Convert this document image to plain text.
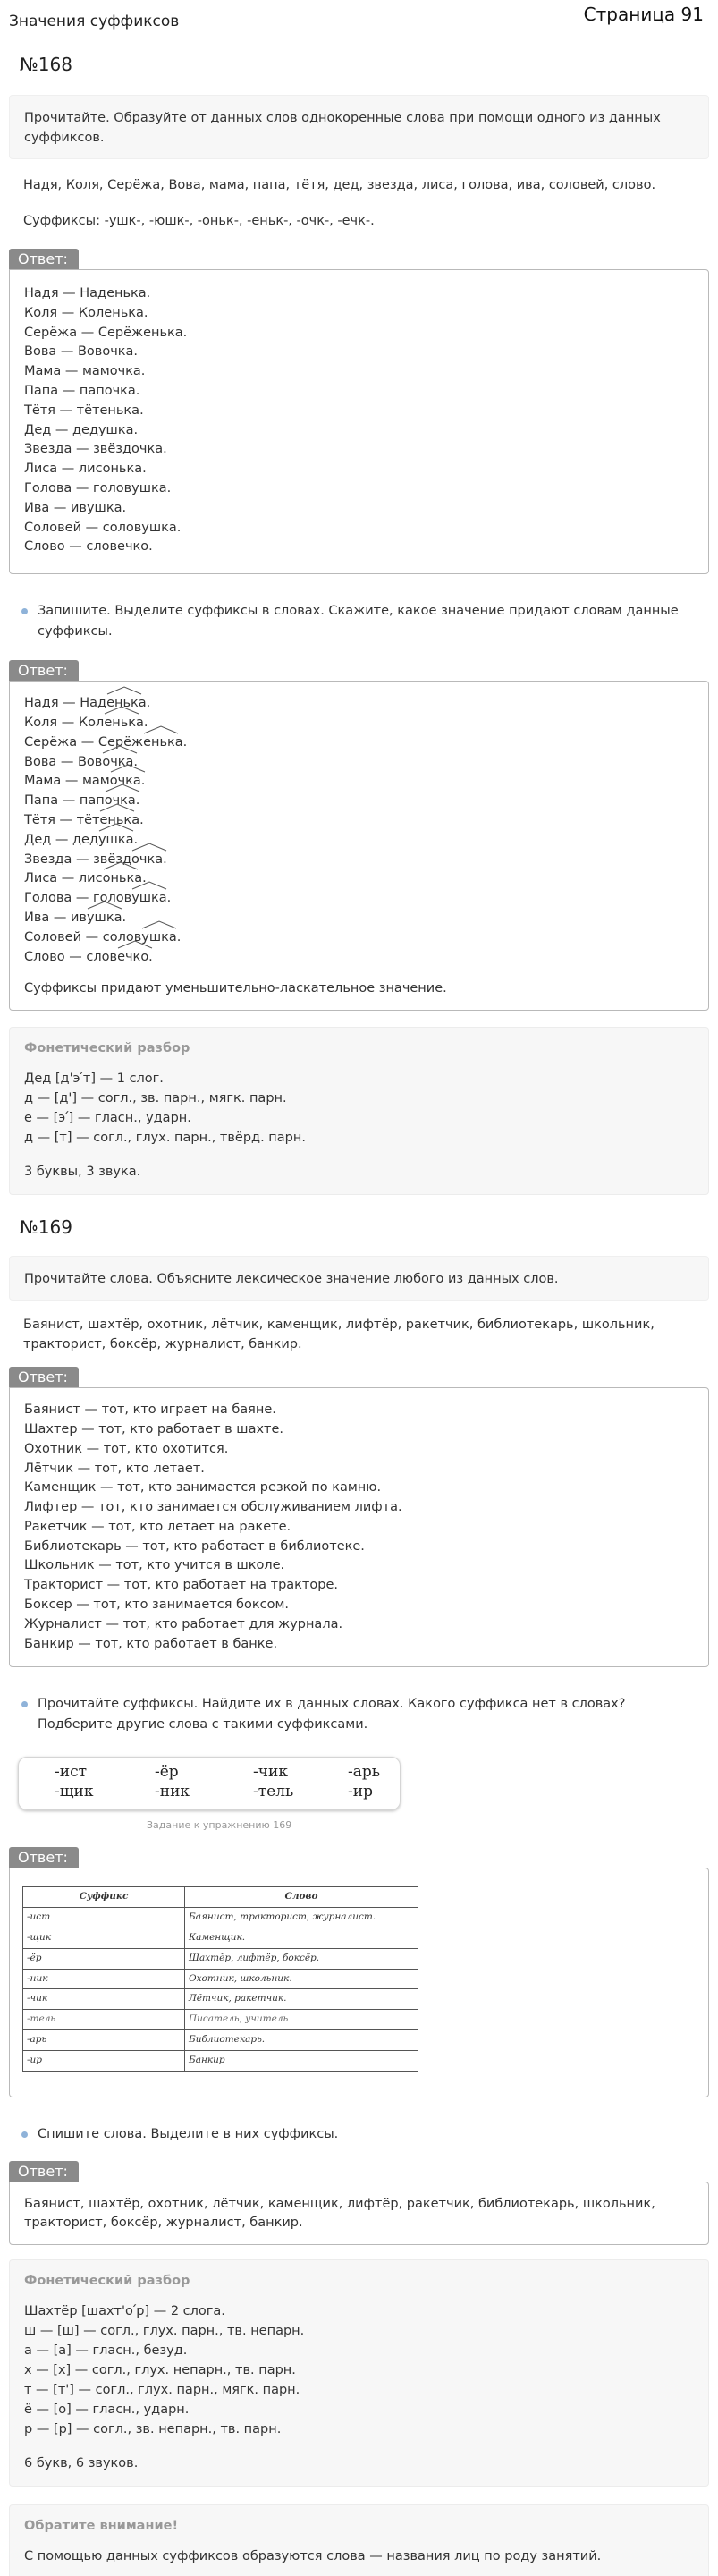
Значения суффиксов	Страница 91
№168

Прочитайте. Образуйте от данных слов однокоренные слова при помощи одного из данных суффиксов.

Надя, Коля, Серёжа, Вова, мама, папа, тётя, дед, звезда, лиса, голова, ива, соловей, слово.
Суффиксы: -ушк-, -юшк-, -оньк-, -еньк-, -очк-, -ечк-.
Ответ:
Надя — Наденька.
Коля — Коленька.
Серёжа — Серёженька.
Вова — Вовочка.
Мама — мамочка.
Папа — папочка.
Тётя — тётенька.
Дед — дедушка.
Звезда — звёздочка.
Лиса — лисонька.
Голова — головушка.
Ива — ивушка.
Соловей — соловушка.
Слово — словечко.
Запишите. Выделите суффиксы в словах. Скажите, какое значение придают словам данные суффиксы.
Ответ:
Надя — Наденьк
а.
Коля — Коленьк
а.
Серёжа — Серёженьк
а.
Вова — Вовочк
а.
Мама — мамочк
а.
Папа — папочк
а.
Тётя — тётеньк
а.
Дед — дедушк
а.
Звезда — звёздочк
а.
Лиса — лисоньк
а.
Голова — головушк
а.
Ива — ивушк
а.
Соловей — соловушк
а.
Слово — словечк
о.
Суффиксы придают уменьшительно-ласкательное значение.
Фонетический разбор
Дед [д'э՛т] — 1 слог.
д — [д'] — согл., зв. парн., мягк. парн.
е — [э՛] — гласн., ударн.
д — [т] — согл., глух. парн., твёрд. парн.
3 буквы, 3 звука.
№169

Прочитайте слова. Объясните лексическое значение любого из данных слов.

Баянист, шахтёр, охотник, лётчик, каменщик, лифтёр, ракетчик, библиотекарь, школьник, тракторист, боксёр, журналист, банкир.
Ответ:
Баянист — тот, кто играет на баяне.
Шахтер — тот, кто работает в шахте.
Охотник — тот, кто охотится.
Лётчик — тот, кто летает.
Каменщик — тот, кто занимается резкой по камню.
Лифтер — тот, кто занимается обслуживанием лифта.
Ракетчик — тот, кто летает на ракете.
Библиотекарь — тот, кто работает в библиотеке.
Школьник — тот, кто учится в школе.
Тракторист — тот, кто работает на тракторе.
Боксер — тот, кто занимается боксом.
Журналист — тот, кто работает для журнала.
Банкир — тот, кто работает в банке.
Прочитайте суффиксы. Найдите их в данных словах. Какого суффикса нет в словах? Подберите другие слова с такими суффиксами.
-ист	-ёр	-чик	-арь
-щик	-ник	-тель	-ир
Задание к упражнению 169
Ответ:
Суффикс	Слово
-ист	Баянист, тракторист, журналист.
-щик	Каменщик.
-ёр	Шахтёр, лифтёр, боксёр.
-ник	Охотник, школьник.
-чик	Лётчик, ракетчик.
-тель	Писатель, учитель
-арь	Библиотекарь.
-ир	Банкир
Спишите слова. Выделите в них суффиксы.
Ответ:
Баянист, шахтёр, охотник, лётчик, каменщик, лифтёр, ракетчик, библиотекарь, школьник,
тракторист, боксёр, журналист, банкир.
Фонетический разбор
Шахтёр [шахт'о՛р] — 2 слога.
ш — [ш] — согл., глух. парн., тв. непарн.
а — [а] — гласн., безуд.
х — [х] — согл., глух. непарн., тв. парн.
т — [т'] — согл., глух. парн., мягк. парн.
ё — [о] — гласн., ударн.
р — [р] — согл., зв. непарн., тв. парн.
6 букв, 6 звуков.
Обратите внимание!
С помощью данных суффиксов образуются слова — названия лиц по роду занятий.
